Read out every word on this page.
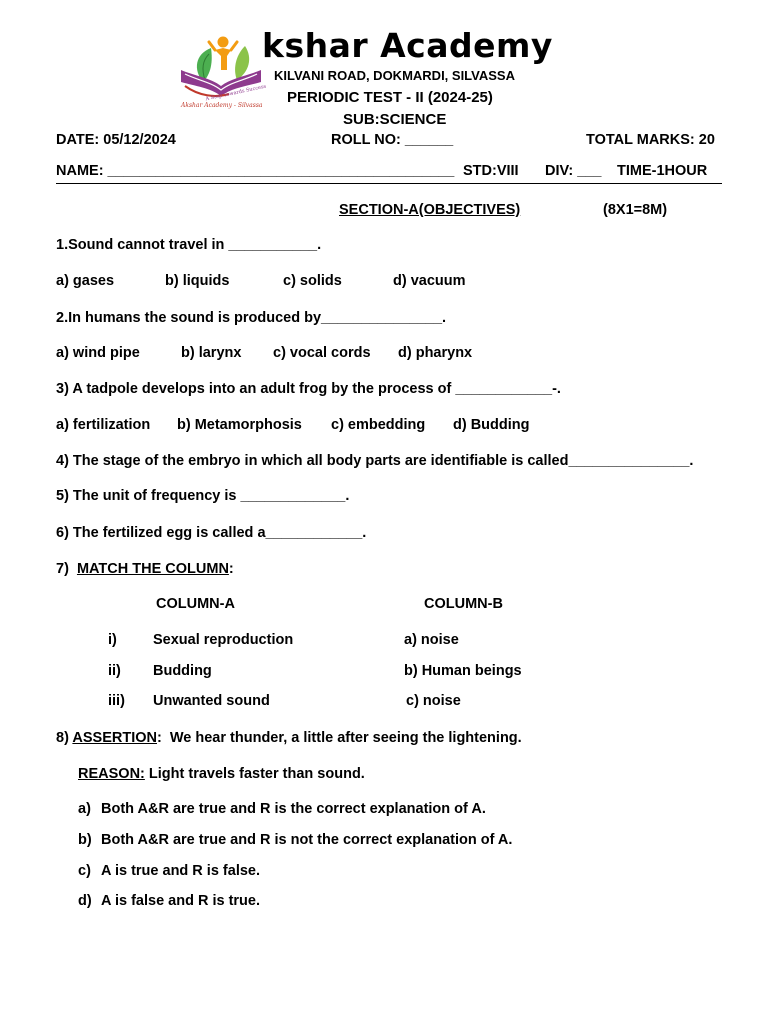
A Step Towards Success
Akshar Academy - Silvassa
kshar Academy
KILVANI ROAD, DOKMARDI, SILVASSA
PERIODIC TEST - II (2024-25)
SUB:SCIENCE
DATE: 05/12/2024	ROLL NO: ______	TOTAL MARKS: 20
NAME: ___________________________________________ STD:VIII DIV: ___ TIME-1HOUR
SECTION-A(OBJECTIVES)	(8X1=8M)
1.Sound cannot travel in ___________.
a) gases	b) liquids	c) solids	d) vacuum
2.In humans the sound is produced by_______________.
a) wind pipe	b) larynx c) vocal cords d) pharynx
3) A tadpole develops into an adult frog by the process of ____________-.
a) fertilization b) Metamorphosis c) embedding d) Budding
4) The stage of the embryo in which all body parts are identifiable is called_______________.
5) The unit of frequency is _____________.
6) The fertilized egg is called a____________.
7)  MATCH THE COLUMN:
COLUMN-A	COLUMN-B
i) Sexual reproduction	a) noise
ii) Budding	b) Human beings
iii) Unwanted sound	c) noise
8) ASSERTION:  We hear thunder, a little after seeing the lightening.
REASON: Light travels faster than sound.
a) Both A&R are true and R is the correct explanation of A.
b) Both A&R are true and R is not the correct explanation of A.
c) A is true and R is false.
d) A is false and R is true.
